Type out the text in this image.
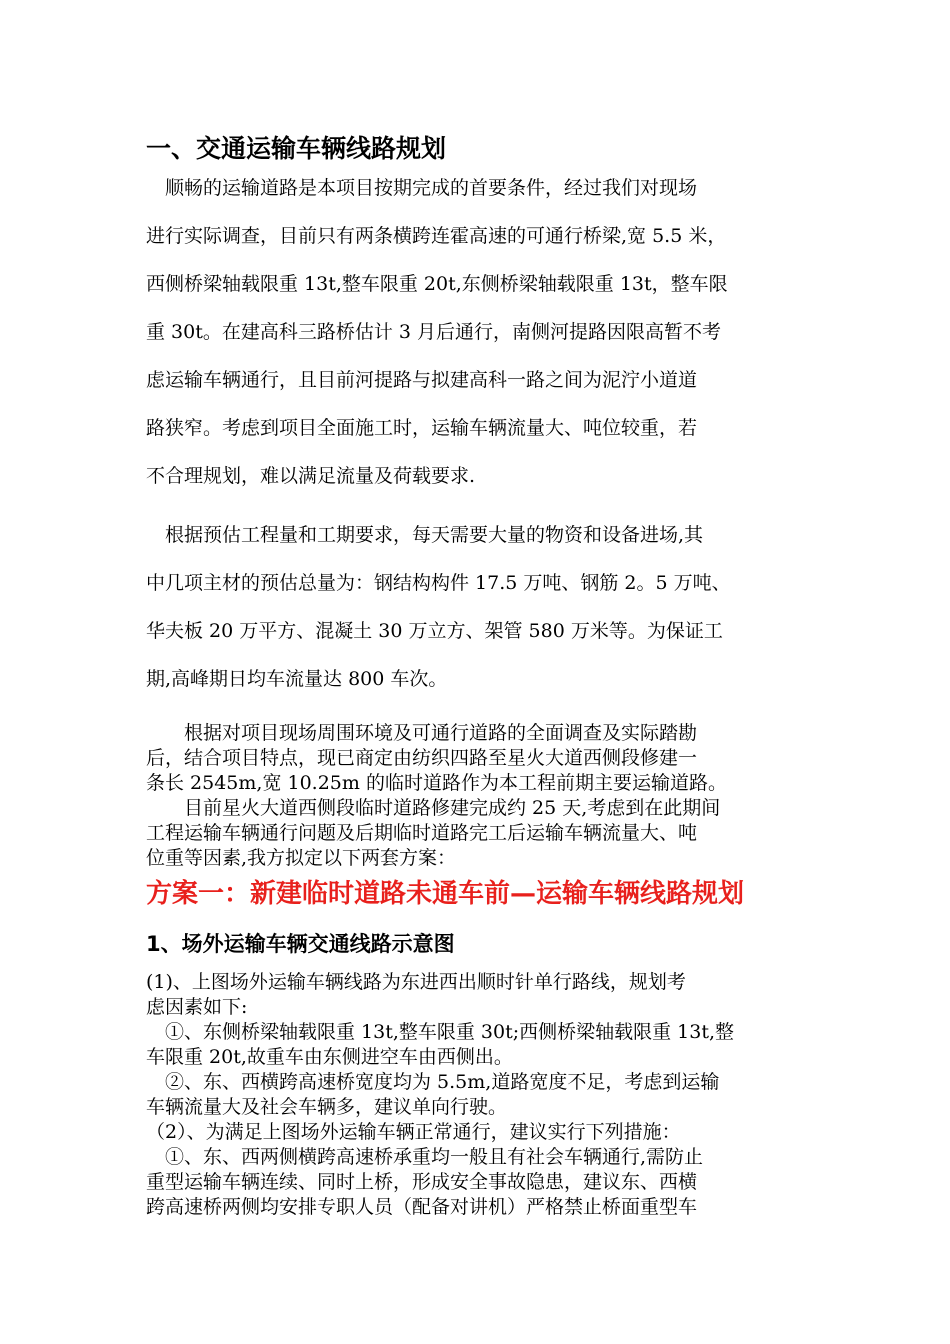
一、交通运输车辆线路规划
　顺畅的运输道路是本项目按期完成的首要条件，经过我们对现场
进行实际调查，目前只有两条横跨连霍高速的可通行桥梁,宽 5.5 米，
西侧桥梁轴载限重 13t,整车限重 20t,东侧桥梁轴载限重 13t，整车限
重 30t。在建高科三路桥估计 3 月后通行，南侧河提路因限高暂不考
虑运输车辆通行，且目前河提路与拟建高科一路之间为泥泞小道道
路狭窄。考虑到项目全面施工时，运输车辆流量大、吨位较重，若
不合理规划，难以满足流量及荷载要求.
　根据预估工程量和工期要求，每天需要大量的物资和设备进场,其
中几项主材的预估总量为：钢结构构件 17.5 万吨、钢筋 2。5 万吨、
华夫板 20 万平方、混凝土 30 万立方、架管 580 万米等。为保证工
期,高峰期日均车流量达 800 车次。
　　根据对项目现场周围环境及可通行道路的全面调查及实际踏勘
后，结合项目特点，现已商定由纺织四路至星火大道西侧段修建一
条长 2545m,宽 10.25m 的临时道路作为本工程前期主要运输道路。
　　目前星火大道西侧段临时道路修建完成约 25 天,考虑到在此期间
工程运输车辆通行问题及后期临时道路完工后运输车辆流量大、吨
位重等因素,我方拟定以下两套方案：
方案一：新建临时道路未通车前—运输车辆线路规划
1、场外运输车辆交通线路示意图
(1)、上图场外运输车辆线路为东进西出顺时针单行路线，规划考
虑因素如下:
　①、东侧桥梁轴载限重 13t,整车限重 30t;西侧桥梁轴载限重 13t,整
车限重 20t,故重车由东侧进空车由西侧出。
　②、东、西横跨高速桥宽度均为 5.5m,道路宽度不足，考虑到运输
车辆流量大及社会车辆多，建议单向行驶。
（2）、为满足上图场外运输车辆正常通行，建议实行下列措施：
　①、东、西两侧横跨高速桥承重均一般且有社会车辆通行,需防止
重型运输车辆连续、同时上桥，形成安全事故隐患，建议东、西横
跨高速桥两侧均安排专职人员（配备对讲机）严格禁止桥面重型车
